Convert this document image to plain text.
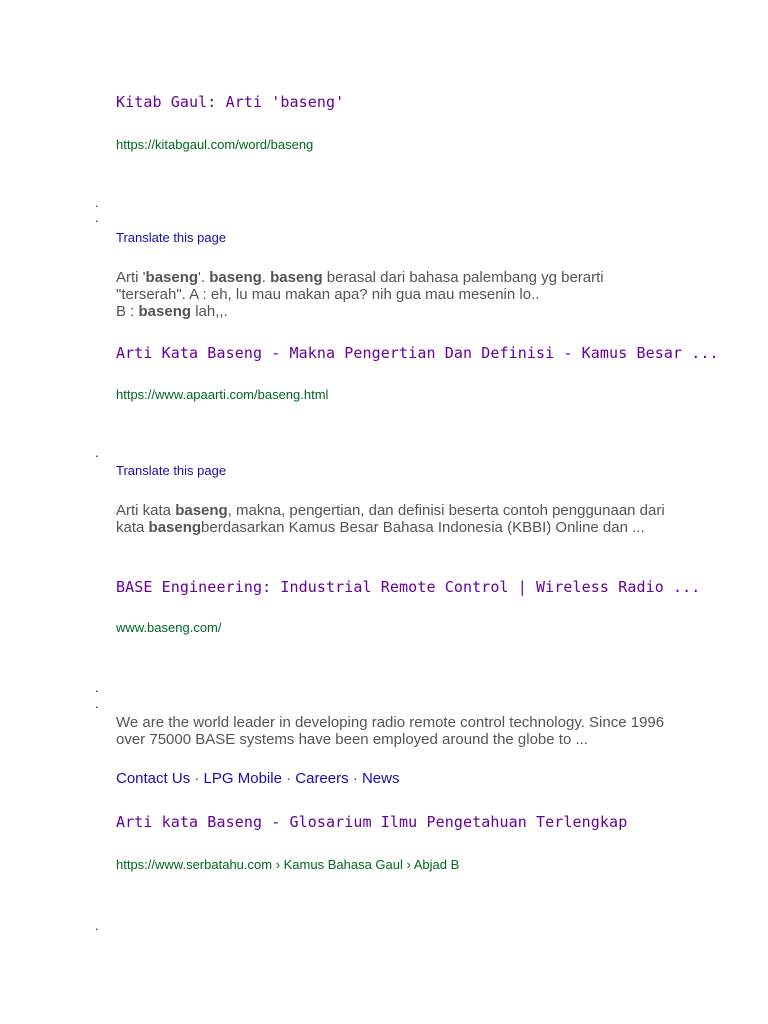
Kitab Gaul: Arti 'baseng'
https://kitabgaul.com/word/baseng
.
.
Translate this page
Arti 'baseng'. baseng. baseng berasal dari bahasa palembang yg berarti "terserah". A : eh, lu mau makan apa? nih gua mau mesenin lo..
B : baseng lah,,.
Arti Kata Baseng - Makna Pengertian Dan Definisi - Kamus Besar ...
https://www.apaarti.com/baseng.html
.
Translate this page
Arti kata baseng, makna, pengertian, dan definisi beserta contoh penggunaan dari kata basengberdasarkan Kamus Besar Bahasa Indonesia (KBBI) Online dan ...
BASE Engineering: Industrial Remote Control | Wireless Radio ...
www.baseng.com/
.
.
We are the world leader in developing radio remote control technology. Since 1996 over 75000 BASE systems have been employed around the globe to ...
Contact Us · LPG Mobile · Careers · News
Arti kata Baseng - Glosarium Ilmu Pengetahuan Terlengkap
https://www.serbatahu.com › Kamus Bahasa Gaul › Abjad B
.
